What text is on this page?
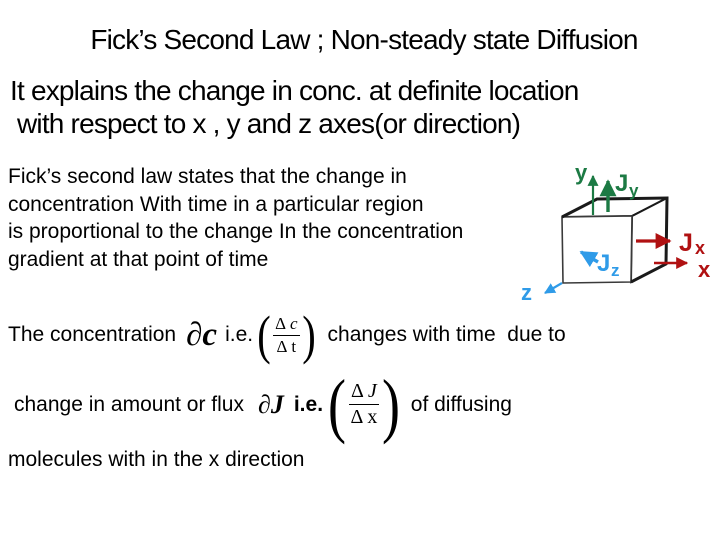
Fick’s Second Law ; Non-steady state Diffusion
It explains the change in conc. at definite location
with respect to x , y and z axes(or direction)
Fick’s second law states that the change in
concentration With time in a particular region
is proportional to the change In the concentration
gradient at that point of time
y J y
J x
x
J z
z
The concentration ∂c i.e. ( $\frac{\text{Δ c}}{\text{Δ t}}$ ) changes with time  due to
change in amount or flux ∂J i.e. ( $\frac{\text{Δ J}}{\text{Δ x}}$ ) of diffusing
molecules with in the x direction
